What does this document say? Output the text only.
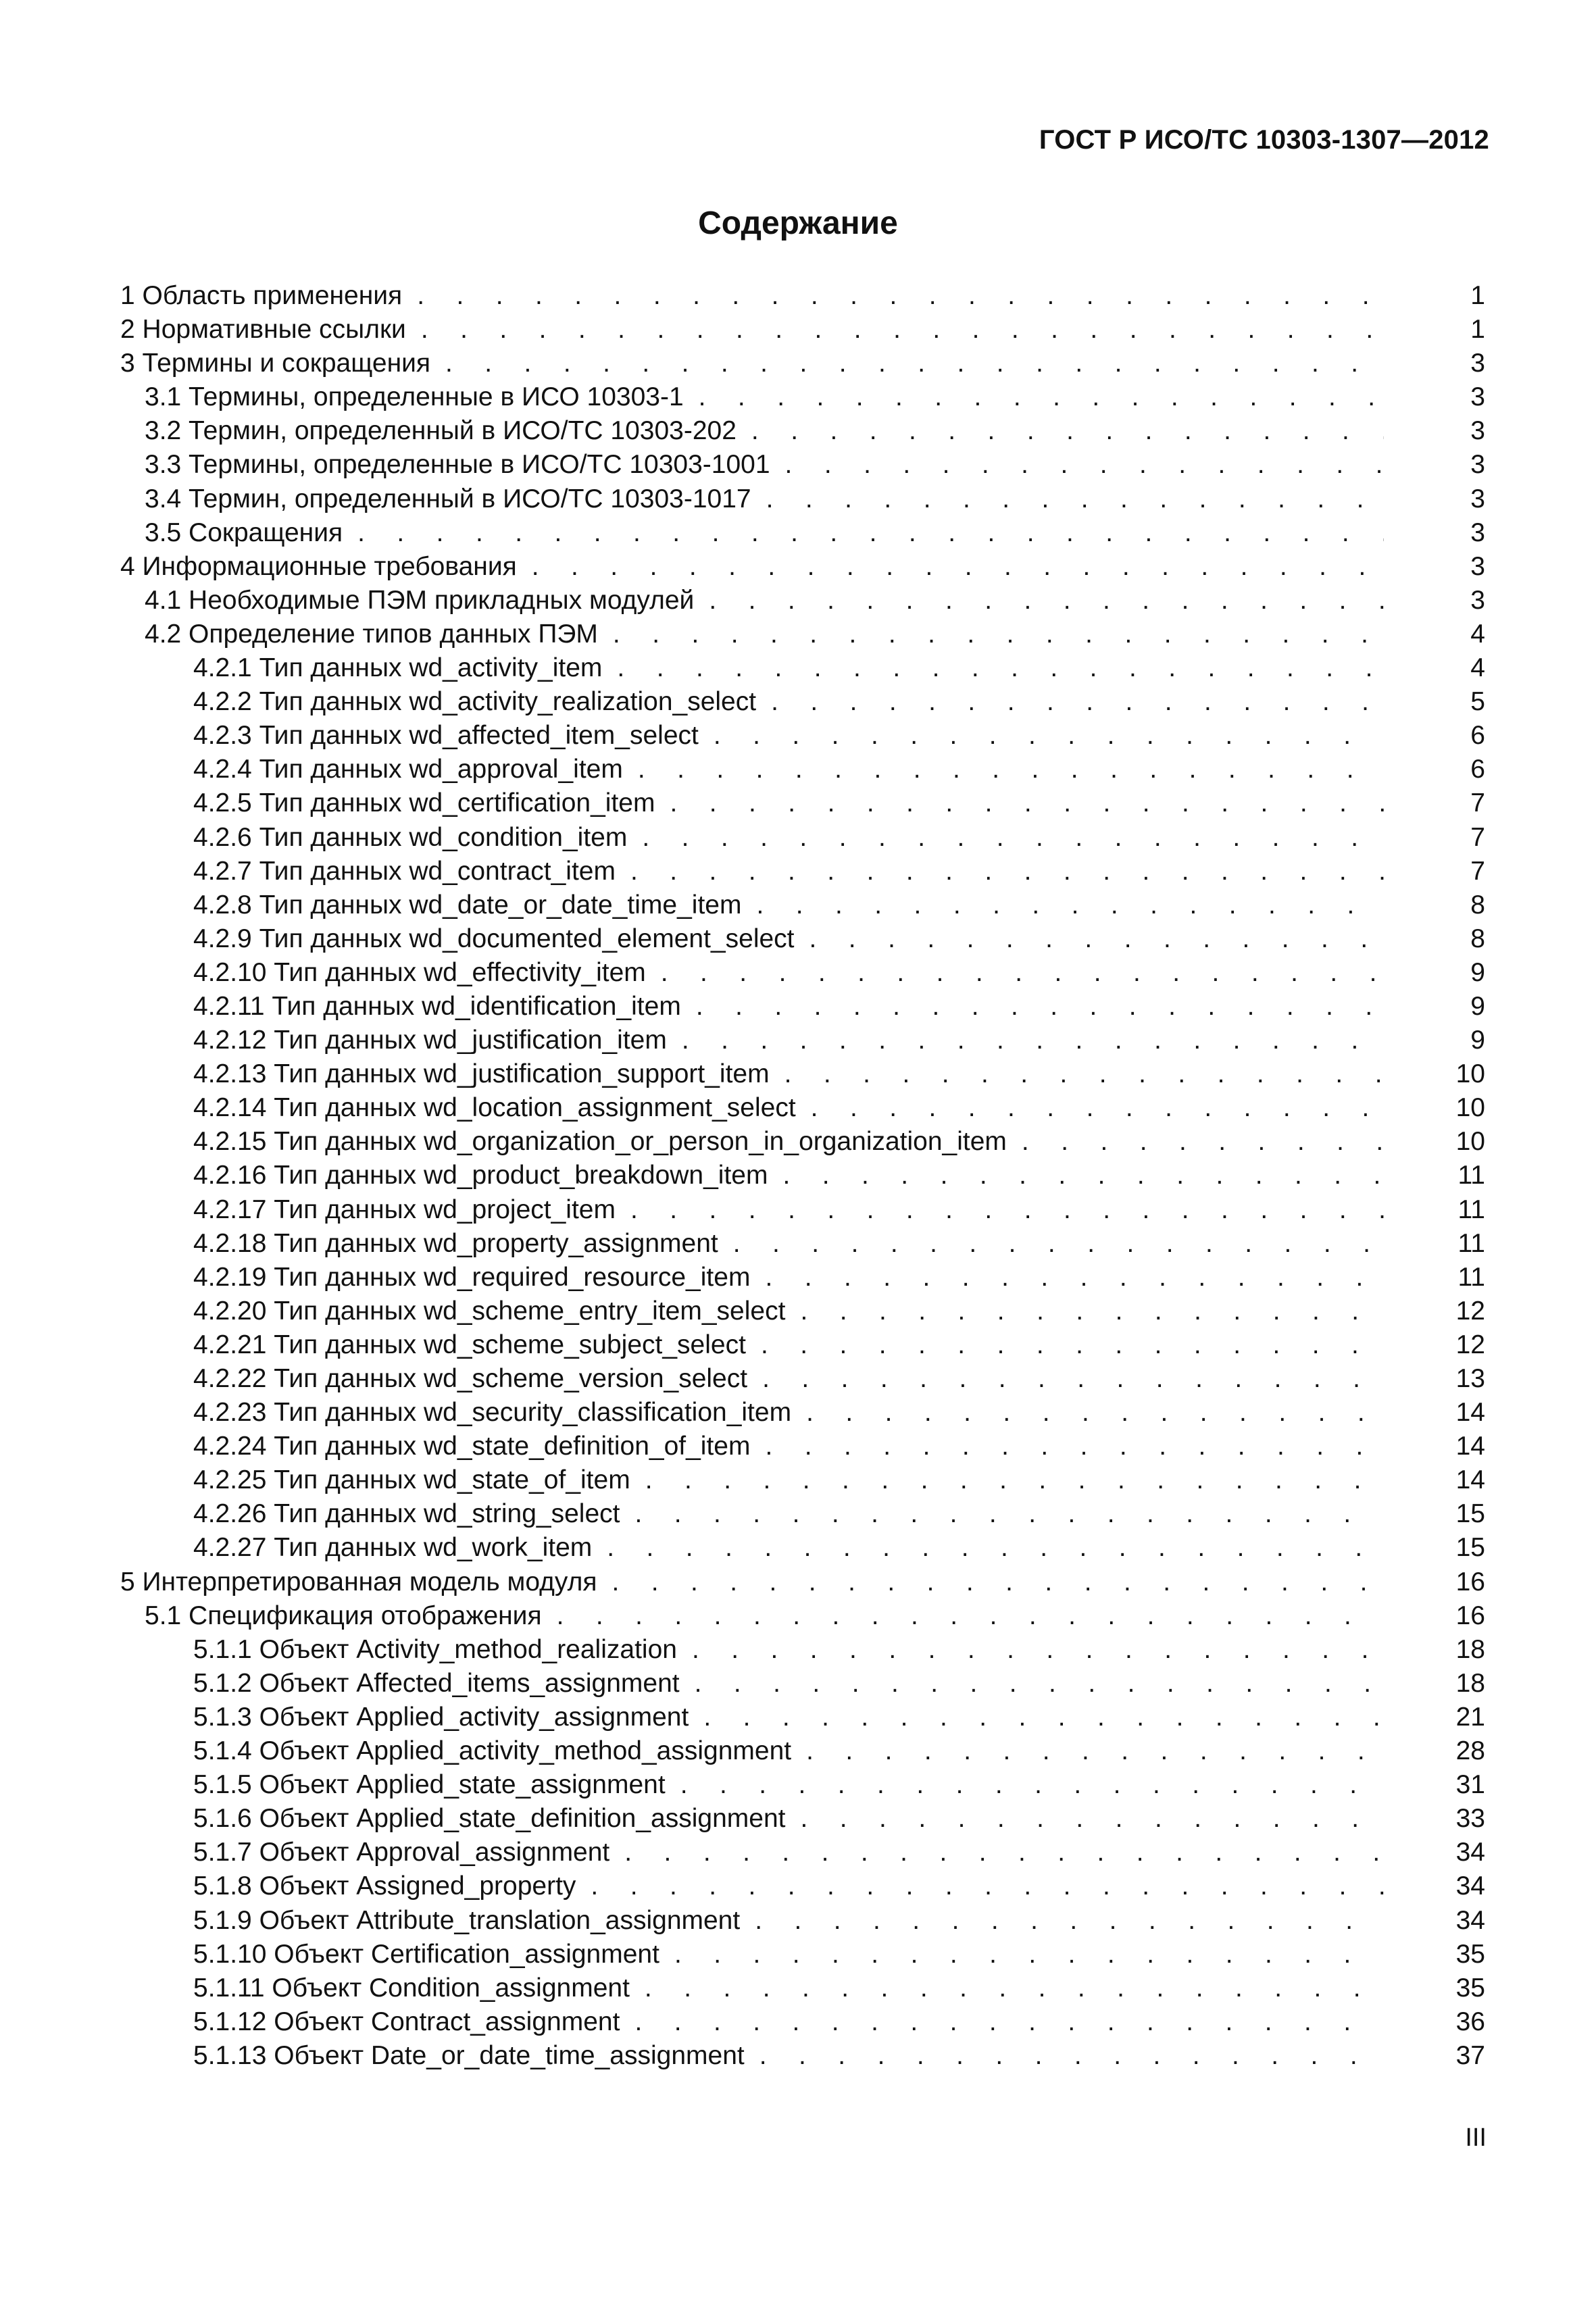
ГОСТ Р ИСО/ТС 10303-1307—2012
Содержание
1 Область применения . . .	1
2 Нормативные ссылки . . .	1
3 Термины и сокращения . . .	3
3.1 Термины, определенные в ИСО 10303-1 . . .	3
3.2 Термин, определенный в ИСО/ТС 10303-202 . . .	3
3.3 Термины, определенные в ИСО/ТС 10303-1001 . . .	3
3.4 Термин, определенный в ИСО/ТС 10303-1017 . . .	3
3.5 Сокращения . . .	3
4 Информационные требования . . .	3
4.1 Необходимые ПЭМ прикладных модулей . . .	3
4.2 Определение типов данных ПЭМ . . .	4
4.2.1 Тип данных wd_activity_item . . .	4
4.2.2 Тип данных wd_activity_realization_select . . .	5
4.2.3 Тип данных wd_affected_item_select . . .	6
4.2.4 Тип данных wd_approval_item . . .	6
4.2.5 Тип данных wd_certification_item . . .	7
4.2.6 Тип данных wd_condition_item . . .	7
4.2.7 Тип данных wd_contract_item . . .	7
4.2.8 Тип данных wd_date_or_date_time_item . . .	8
4.2.9 Тип данных wd_documented_element_select . . .	8
4.2.10 Тип данных wd_effectivity_item . . .	9
4.2.11 Тип данных wd_identification_item . . .	9
4.2.12 Тип данных wd_justification_item . . .	9
4.2.13 Тип данных wd_justification_support_item . . .	10
4.2.14 Тип данных wd_location_assignment_select . . .	10
4.2.15 Тип данных wd_organization_or_person_in_organization_item . . .	10
4.2.16 Тип данных wd_product_breakdown_item . . .	11
4.2.17 Тип данных wd_project_item . . .	11
4.2.18 Тип данных wd_property_assignment . . .	11
4.2.19 Тип данных wd_required_resource_item . . .	11
4.2.20 Тип данных wd_scheme_entry_item_select . . .	12
4.2.21 Тип данных wd_scheme_subject_select . . .	12
4.2.22 Тип данных wd_scheme_version_select . . .	13
4.2.23 Тип данных wd_security_classification_item . . .	14
4.2.24 Тип данных wd_state_definition_of_item . . .	14
4.2.25 Тип данных wd_state_of_item . . .	14
4.2.26 Тип данных wd_string_select . . .	15
4.2.27 Тип данных wd_work_item . . .	15
5 Интерпретированная модель модуля . . .	16
5.1 Спецификация отображения . . .	16
5.1.1 Объект Activity_method_realization . . .	18
5.1.2 Объект Affected_items_assignment . . .	18
5.1.3 Объект Applied_activity_assignment . . .	21
5.1.4 Объект Applied_activity_method_assignment . . .	28
5.1.5 Объект Applied_state_assignment . . .	31
5.1.6 Объект Applied_state_definition_assignment . . .	33
5.1.7 Объект Approval_assignment . . .	34
5.1.8 Объект Assigned_property . . .	34
5.1.9 Объект Attribute_translation_assignment . . .	34
5.1.10 Объект Certification_assignment . . .	35
5.1.11 Объект Condition_assignment . . .	35
5.1.12 Объект Contract_assignment . . .	36
5.1.13 Объект Date_or_date_time_assignment . . .	37
III
